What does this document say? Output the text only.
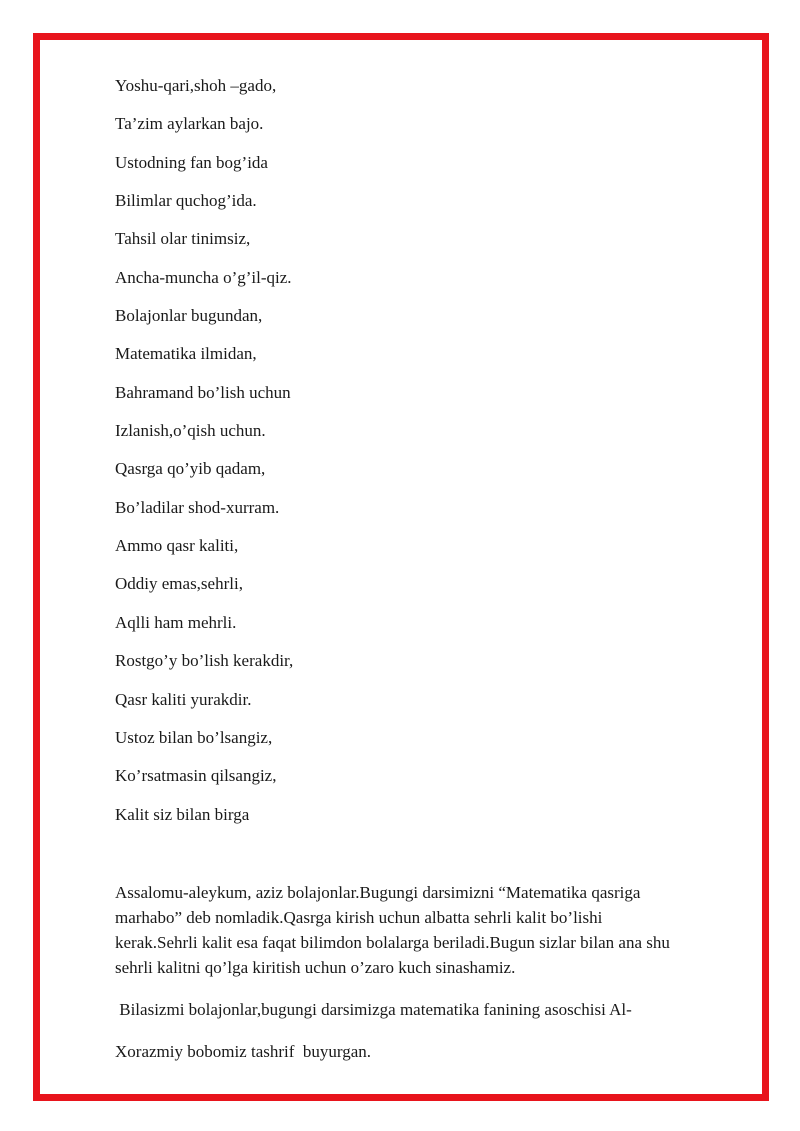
Yoshu-qari,shoh –gado,
Ta’zim aylarkan bajo.
Ustodning fan bog’ida
Bilimlar quchog’ida.
Tahsil olar tinimsiz,
Ancha-muncha o’g’il-qiz.
Bolajonlar bugundan,
Matematika ilmidan,
Bahramand bo’lish uchun
Izlanish,o’qish uchun.
Qasrga qo’yib qadam,
Bo’ladilar shod-xurram.
Ammo qasr kaliti,
Oddiy emas,sehrli,
Aqlli ham mehrli.
Rostgo’y bo’lish kerakdir,
Qasr kaliti yurakdir.
Ustoz bilan bo’lsangiz,
Ko’rsatmasin qilsangiz,
Kalit siz bilan birga

Assalomu-aleykum, aziz bolajonlar.Bugungi darsimizni “Matematika qasriga

marhabo” deb nomladik.Qasrga kirish uchun albatta sehrli kalit bo’lishi

kerak.Sehrli kalit esa faqat bilimdon bolalarga beriladi.Bugun sizlar bilan ana shu

sehrli kalitni qo’lga kiritish uchun o’zaro kuch sinashamiz.

Bilasizmi bolajonlar,bugungi darsimizga matematika fanining asoschisi Al-

Xorazmiy bobomiz tashrif  buyurgan.
